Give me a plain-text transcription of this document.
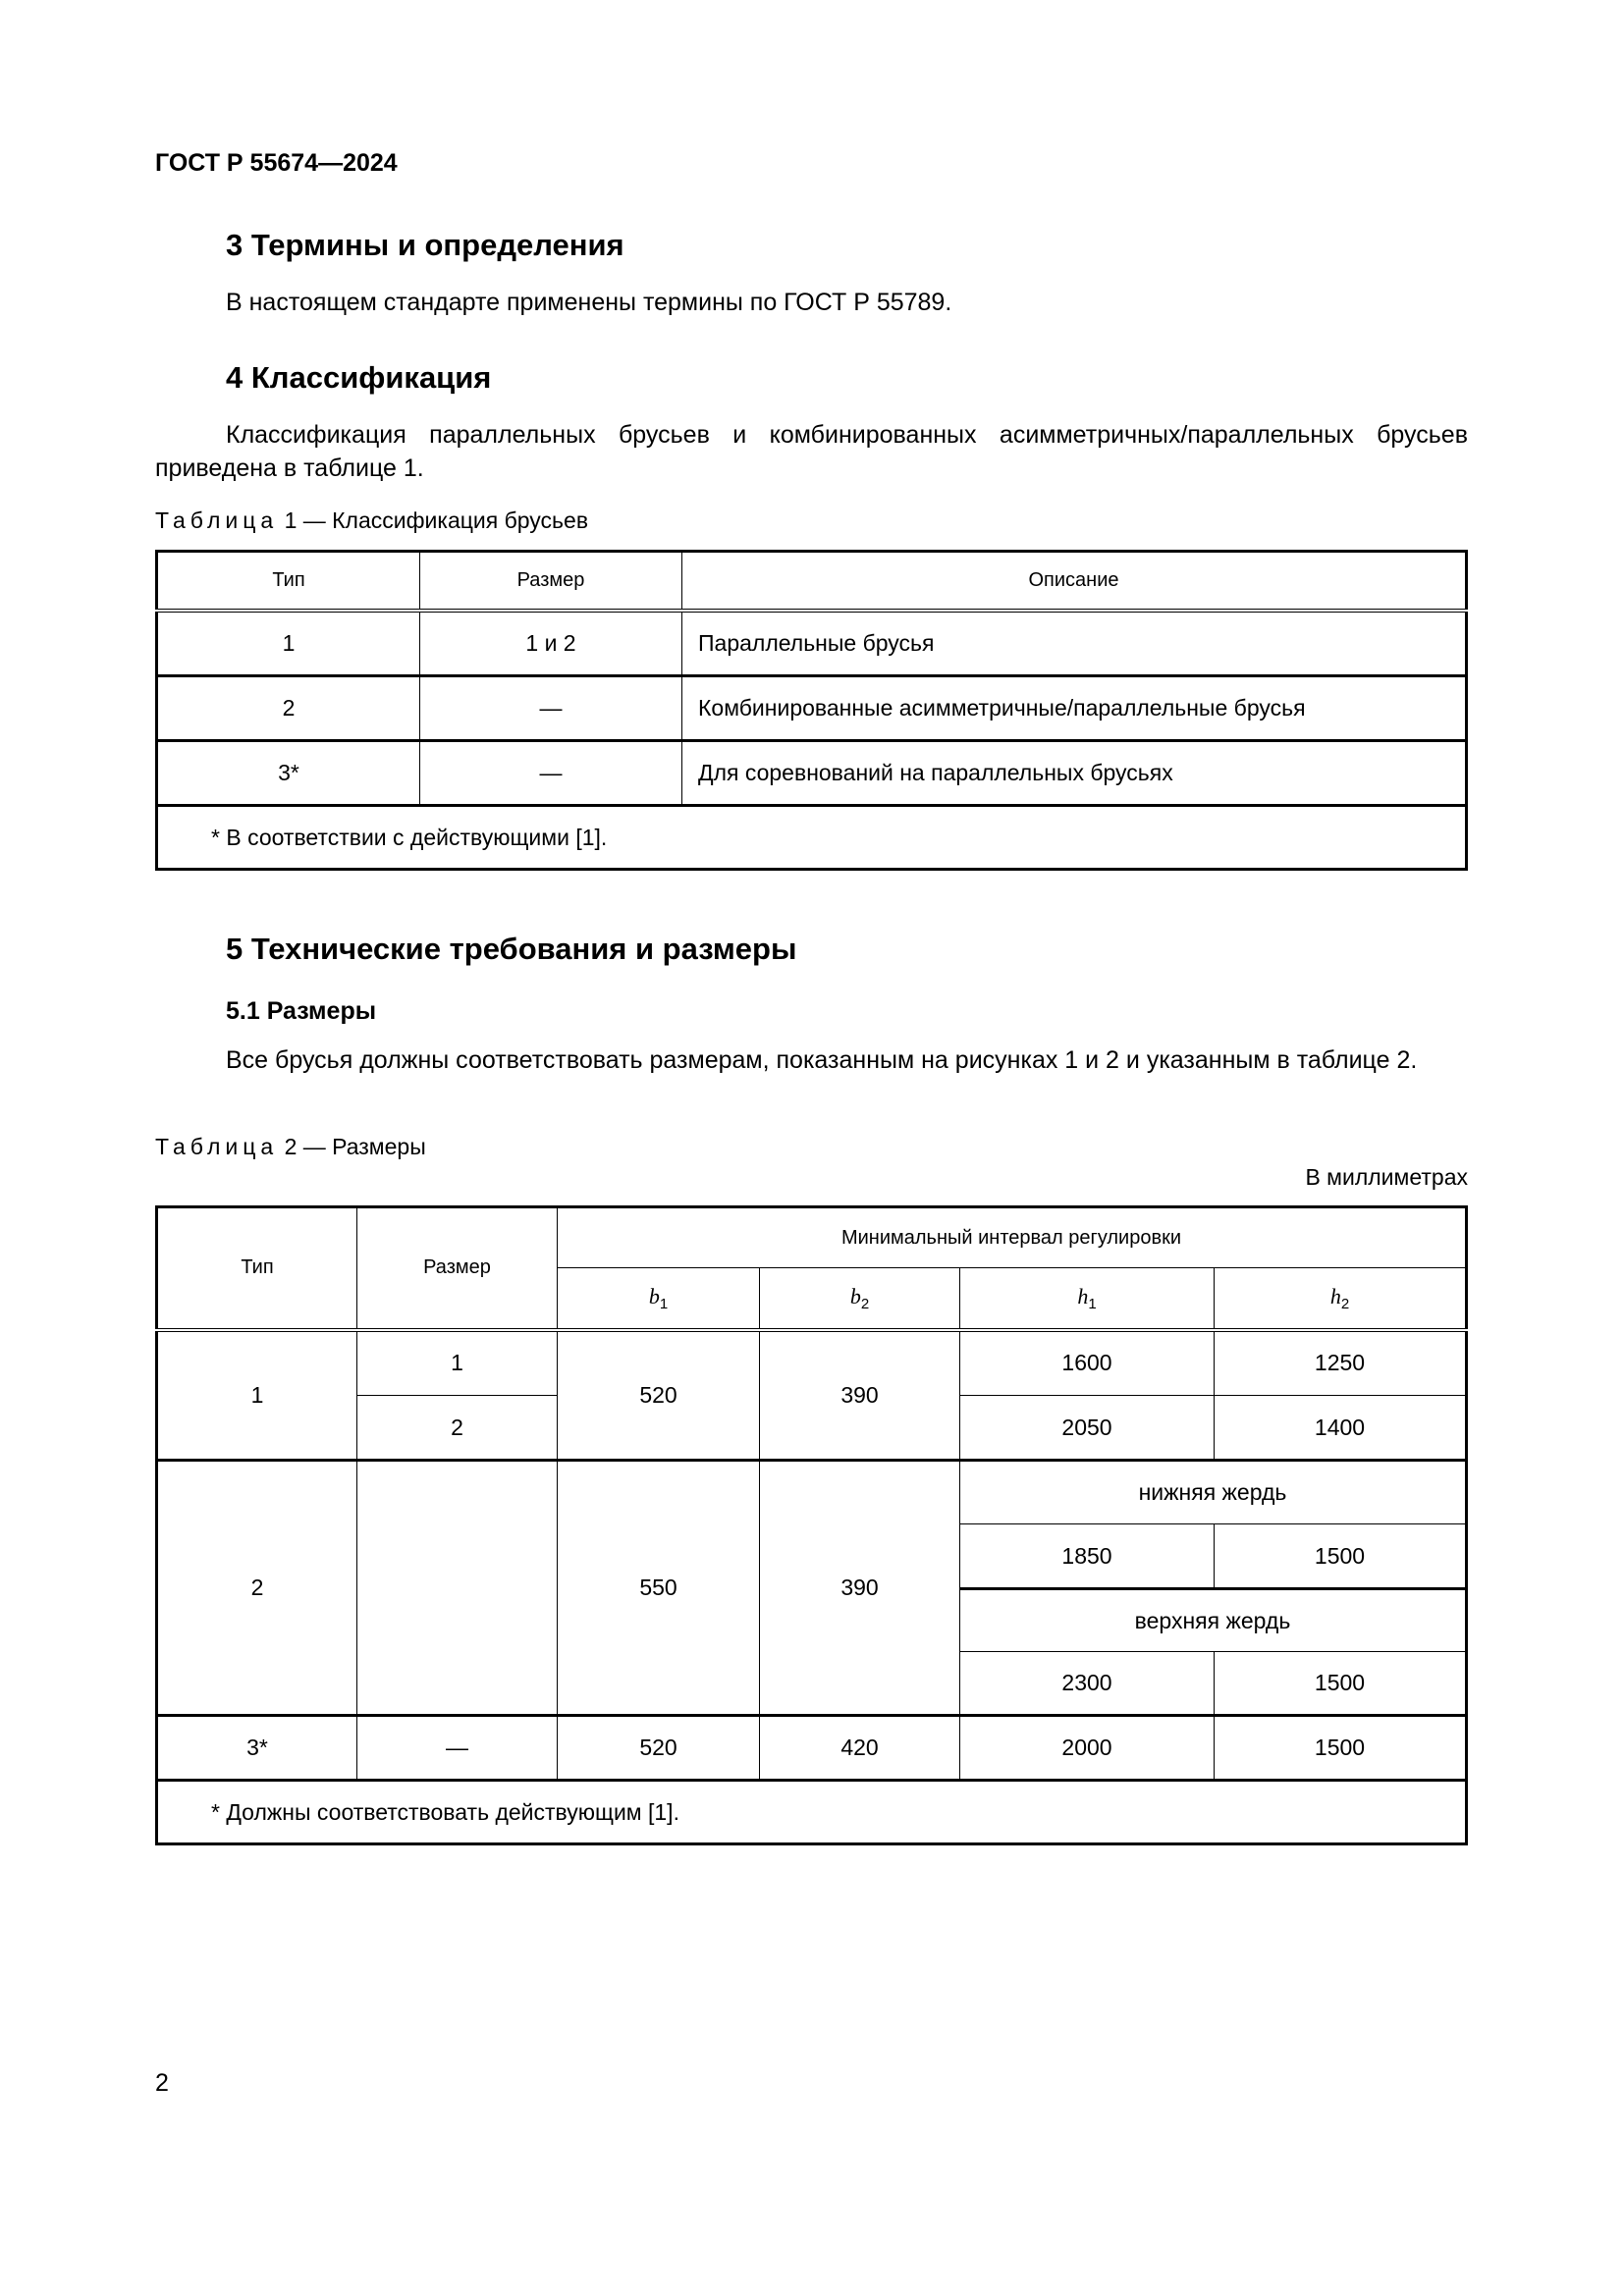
ГОСТ Р 55674—2024
3 Термины и определения
В настоящем стандарте применены термины по ГОСТ Р 55789.
4 Классификация
Классификация параллельных брусьев и комбинированных асимметричных/параллельных брусьев приведена в таблице 1.
Таблица 1 — Классификация брусьев
Тип	Размер	Описание
1	1 и 2	Параллельные брусья
2	—	Комбинированные асимметричные/параллельные брусья
3*	—	Для соревнований на параллельных брусьях
* В соответствии с действующими [1].		
5 Технические требования и размеры
5.1 Размеры
Все брусья должны соответствовать размерам, показанным на рисунках 1 и 2 и указанным в таблице 2.
Таблица 2 — Размеры
В миллиметрах
Тип	Размер	Минимальный интервал регулировки			
		$b_1$	$b_2$	$h_1$	$h_2$
1	1	520	390	1600	1250
	2			2050	1400
2		550	390	нижняя жердь	
				1850	1500
				верхняя жердь	
				2300	1500
3*	—	520	420	2000	1500
* Должны соответствовать действующим [1].					
2
